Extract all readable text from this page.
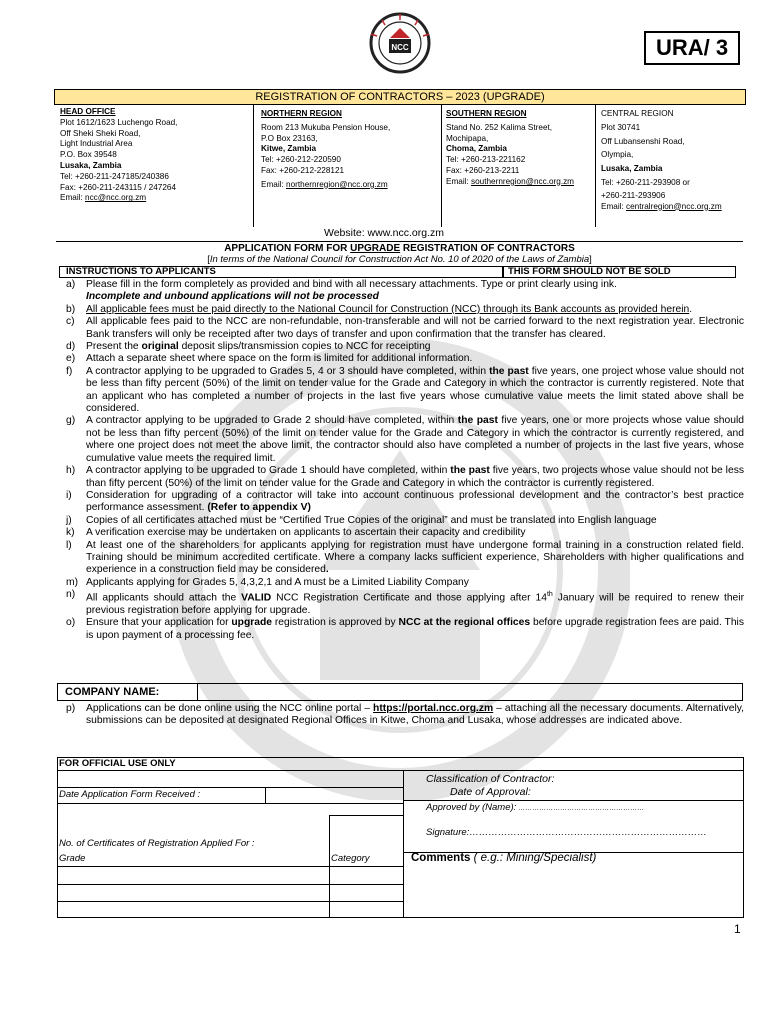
NCC	URA/ 3
REGISTRATION OF CONTRACTORS – 2023 (UPGRADE)
HEAD OFFICE
Plot 1612/1623 Luchengo Road,
Off Sheki Sheki Road,
Light Industrial Area
P.O. Box 39548
Lusaka, Zambia
Tel: +260-211-247185/240386
Fax: +260-211-243115 / 247264
Email: ncc@ncc.org.zm
NORTHERN REGION
Room 213 Mukuba Pension House,
P.O Box 23163,
Kitwe, Zambia
Tel: +260-212-220590
Fax: +260-212-228121
Email: northernregion@ncc.org.zm
SOUTHERN REGION
Stand No. 252 Kalima Street,
Mochipapa,
Choma, Zambia
Tel: +260-213-221162
Fax: +260-213-2211
Email: southernregion@ncc.org.zm
CENTRAL REGION
Plot 30741
Off Lubansenshi Road,
Olympia,
Lusaka, Zambia
Tel: +260-211-293908 or
+260-211-293906
Email: centralregion@ncc.org.zm
Website: www.ncc.org.zm
APPLICATION FORM FOR UPGRADE REGISTRATION OF CONTRACTORS
[In terms of the National Council for Construction Act No. 10 of 2020 of the Laws of Zambia]
INSTRUCTIONS TO APPLICANTS	THIS FORM SHOULD NOT BE SOLD
a) Please fill in the form completely as provided and bind with all necessary attachments. Type or print clearly using ink.
Incomplete and unbound applications will not be processed
b) All applicable fees must be paid directly to the National Council for Construction (NCC) through its Bank accounts as provided herein.
c) All applicable fees paid to the NCC are non-refundable, non-transferable and will not be carried forward to the next registration year. Electronic Bank transfers will only be receipted after two days of transfer and upon confirmation that the transfer has cleared.
d) Present the original deposit slips/transmission copies to NCC for receipting
e) Attach a separate sheet where space on the form is limited for additional information.
f) A contractor applying to be upgraded to Grades 5, 4 or 3 should have completed, within the past five years, one project whose value should not be less than fifty percent (50%) of the limit on tender value for the Grade and Category in which the contractor is currently registered. Note that an applicant who has completed a number of projects in the last five years whose cumulative value meets the limit stated above shall be considered.
g) A contractor applying to be upgraded to Grade 2 should have completed, within the past five years, one or more projects whose value should not be less than fifty percent (50%) of the limit on tender value for the Grade and Category in which the contractor is currently registered, and where one project does not meet the above limit, the contractor should also have completed a number of projects in the last five years, whose cumulative value meets the required limit.
h) A contractor applying to be upgraded to Grade 1 should have completed, within the past five years, two projects whose value should not be less than fifty percent (50%) of the limit on tender value for the Grade and Category in which the contractor is currently registered.
i) Consideration for upgrading of a contractor will take into account continuous professional development and the contractor’s best practice performance assessment. (Refer to appendix V)
j) Copies of all certificates attached must be “Certified True Copies of the original” and must be translated into English language
k) A verification exercise may be undertaken on applicants to ascertain their capacity and credibility
l) At least one of the shareholders for applicants applying for registration must have undergone formal training in a construction related field. Training should be minimum accredited certificate. Where a company lacks sufficient experience, Shareholders with higher qualifications and experience in a construction field may be considered.
m) Applicants applying for Grades 5, 4,3,2,1 and A must be a Limited Liability Company
n) All applicants should attach the VALID NCC Registration Certificate and those applying after 14th January will be required to renew their previous registration before applying for upgrade.
o) Ensure that your application for upgrade registration is approved by NCC at the regional offices before upgrade registration fees are paid. This is upon payment of a processing fee.
COMPANY NAME:
p) Applications can be done online using the NCC online portal – https://portal.ncc.org.zm – attaching all the necessary documents. Alternatively, submissions can be deposited at designated Regional Offices in Kitwe, Choma and Lusaka, whose addresses are indicated above.
FOR OFFICIAL USE ONLY
Classification of Contractor:
Date of Approval:
Date Application Form Received :
Approved by (Name): ………………………………………………
Signature:…………………………………………………………………
No. of Certificates of Registration Applied For :
Grade	Category	Comments ( e.g.: Mining/Specialist)
1
